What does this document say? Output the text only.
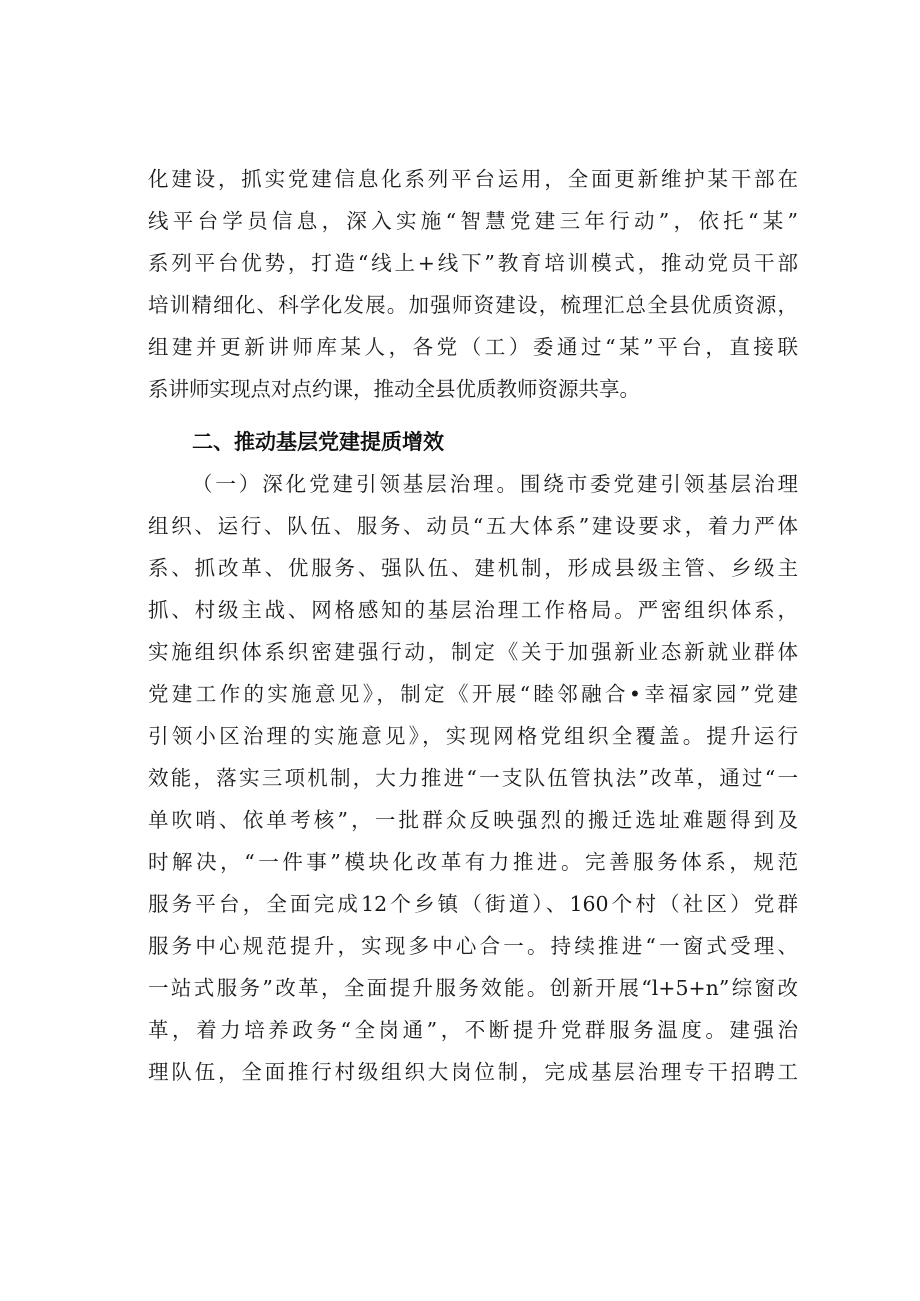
化建设，抓实党建信息化系列平台运用，全面更新维护某干部在
线平台学员信息，深入实施“智慧党建三年行动”，依托“某”
系列平台优势，打造“线上+线下”教育培训模式，推动党员干部
培训精细化、科学化发展。加强师资建设，梳理汇总全县优质资源，
组建并更新讲师库某人，各党（工）委通过“某”平台，直接联
系讲师实现点对点约课，推动全县优质教师资源共享。
二、推动基层党建提质增效
（一）深化党建引领基层治理。围绕市委党建引领基层治理
组织、运行、队伍、服务、动员“五大体系”建设要求，着力严体
系、抓改革、优服务、强队伍、建机制，形成县级主管、乡级主
抓、村级主战、网格感知的基层治理工作格局。严密组织体系，
实施组织体系织密建强行动，制定《关于加强新业态新就业群体
党建工作的实施意见》，制定《开展“睦邻融合•幸福家园”党建
引领小区治理的实施意见》，实现网格党组织全覆盖。提升运行
效能，落实三项机制，大力推进“一支队伍管执法”改革，通过“一
单吹哨、依单考核”，一批群众反映强烈的搬迁选址难题得到及
时解决，“一件事”模块化改革有力推进。完善服务体系，规范
服务平台，全面完成12个乡镇（街道）、160个村（社区）党群
服务中心规范提升，实现多中心合一。持续推进“一窗式受理、
一站式服务”改革，全面提升服务效能。创新开展“l+5+n”综窗改
革，着力培养政务“全岗通”，不断提升党群服务温度。建强治
理队伍，全面推行村级组织大岗位制，完成基层治理专干招聘工
